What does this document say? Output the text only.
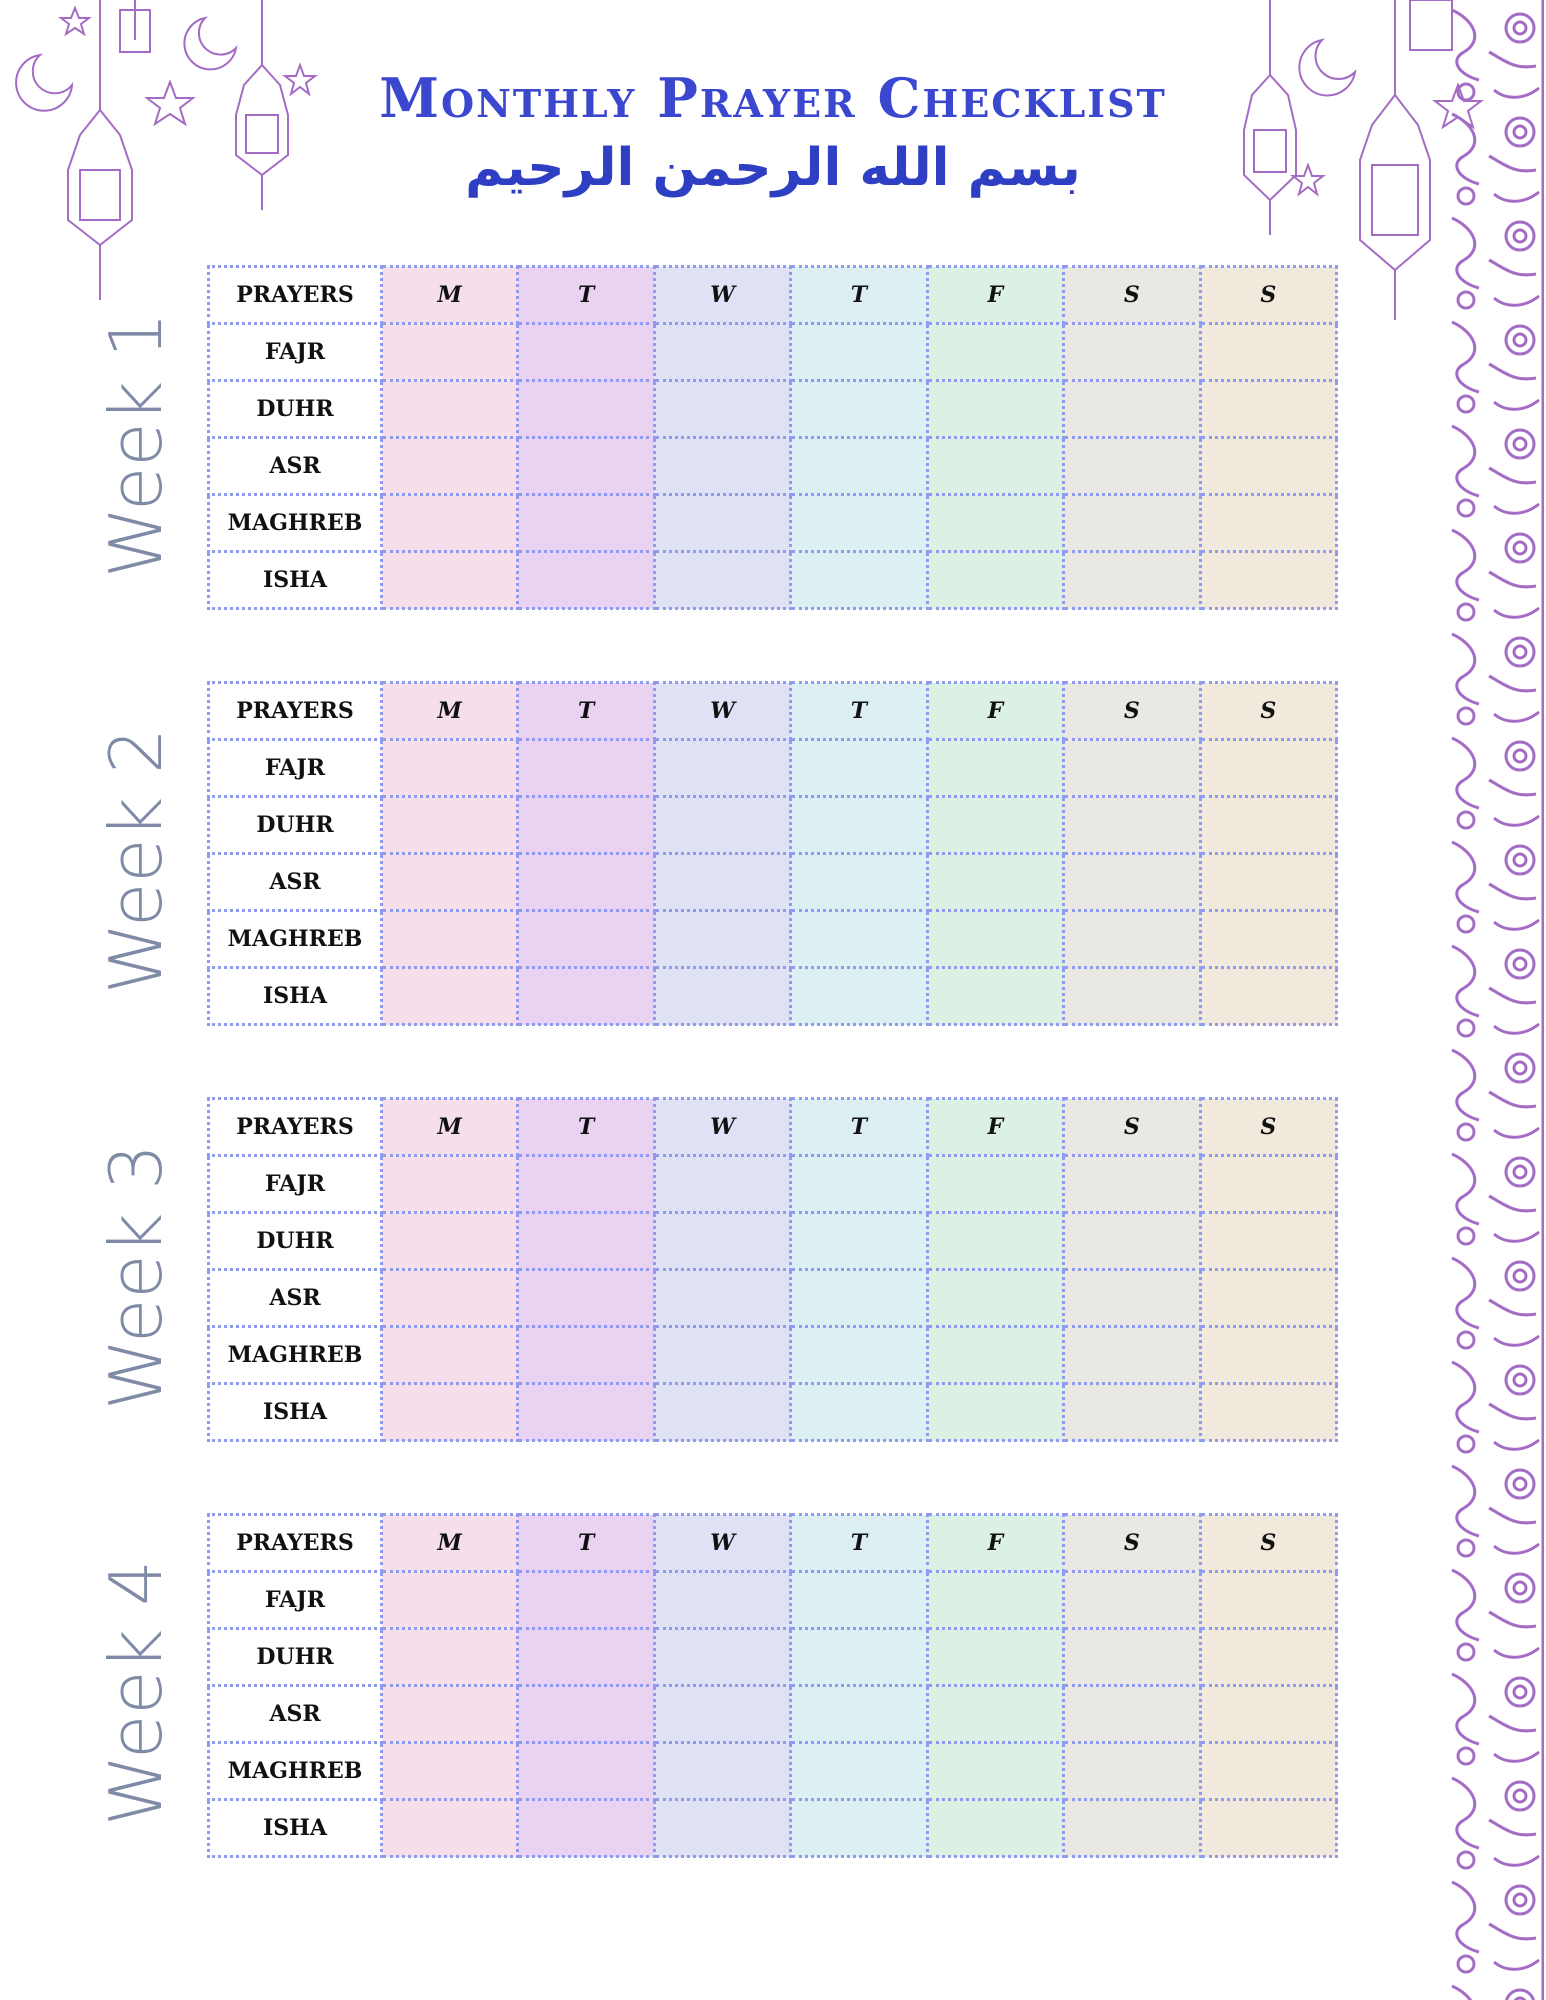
Monthly Prayer Checklist
بسم الله الرحمن الرحيم
Week 1
PRAYERS	M	T	W	T	F	S	S
FAJR							
DUHR							
ASR							
MAGHREB							
ISHA							
Week 2
PRAYERS	M	T	W	T	F	S	S
FAJR							
DUHR							
ASR							
MAGHREB							
ISHA							
Week 3
PRAYERS	M	T	W	T	F	S	S
FAJR							
DUHR							
ASR							
MAGHREB							
ISHA							
Week 4
PRAYERS	M	T	W	T	F	S	S
FAJR							
DUHR							
ASR							
MAGHREB							
ISHA							
